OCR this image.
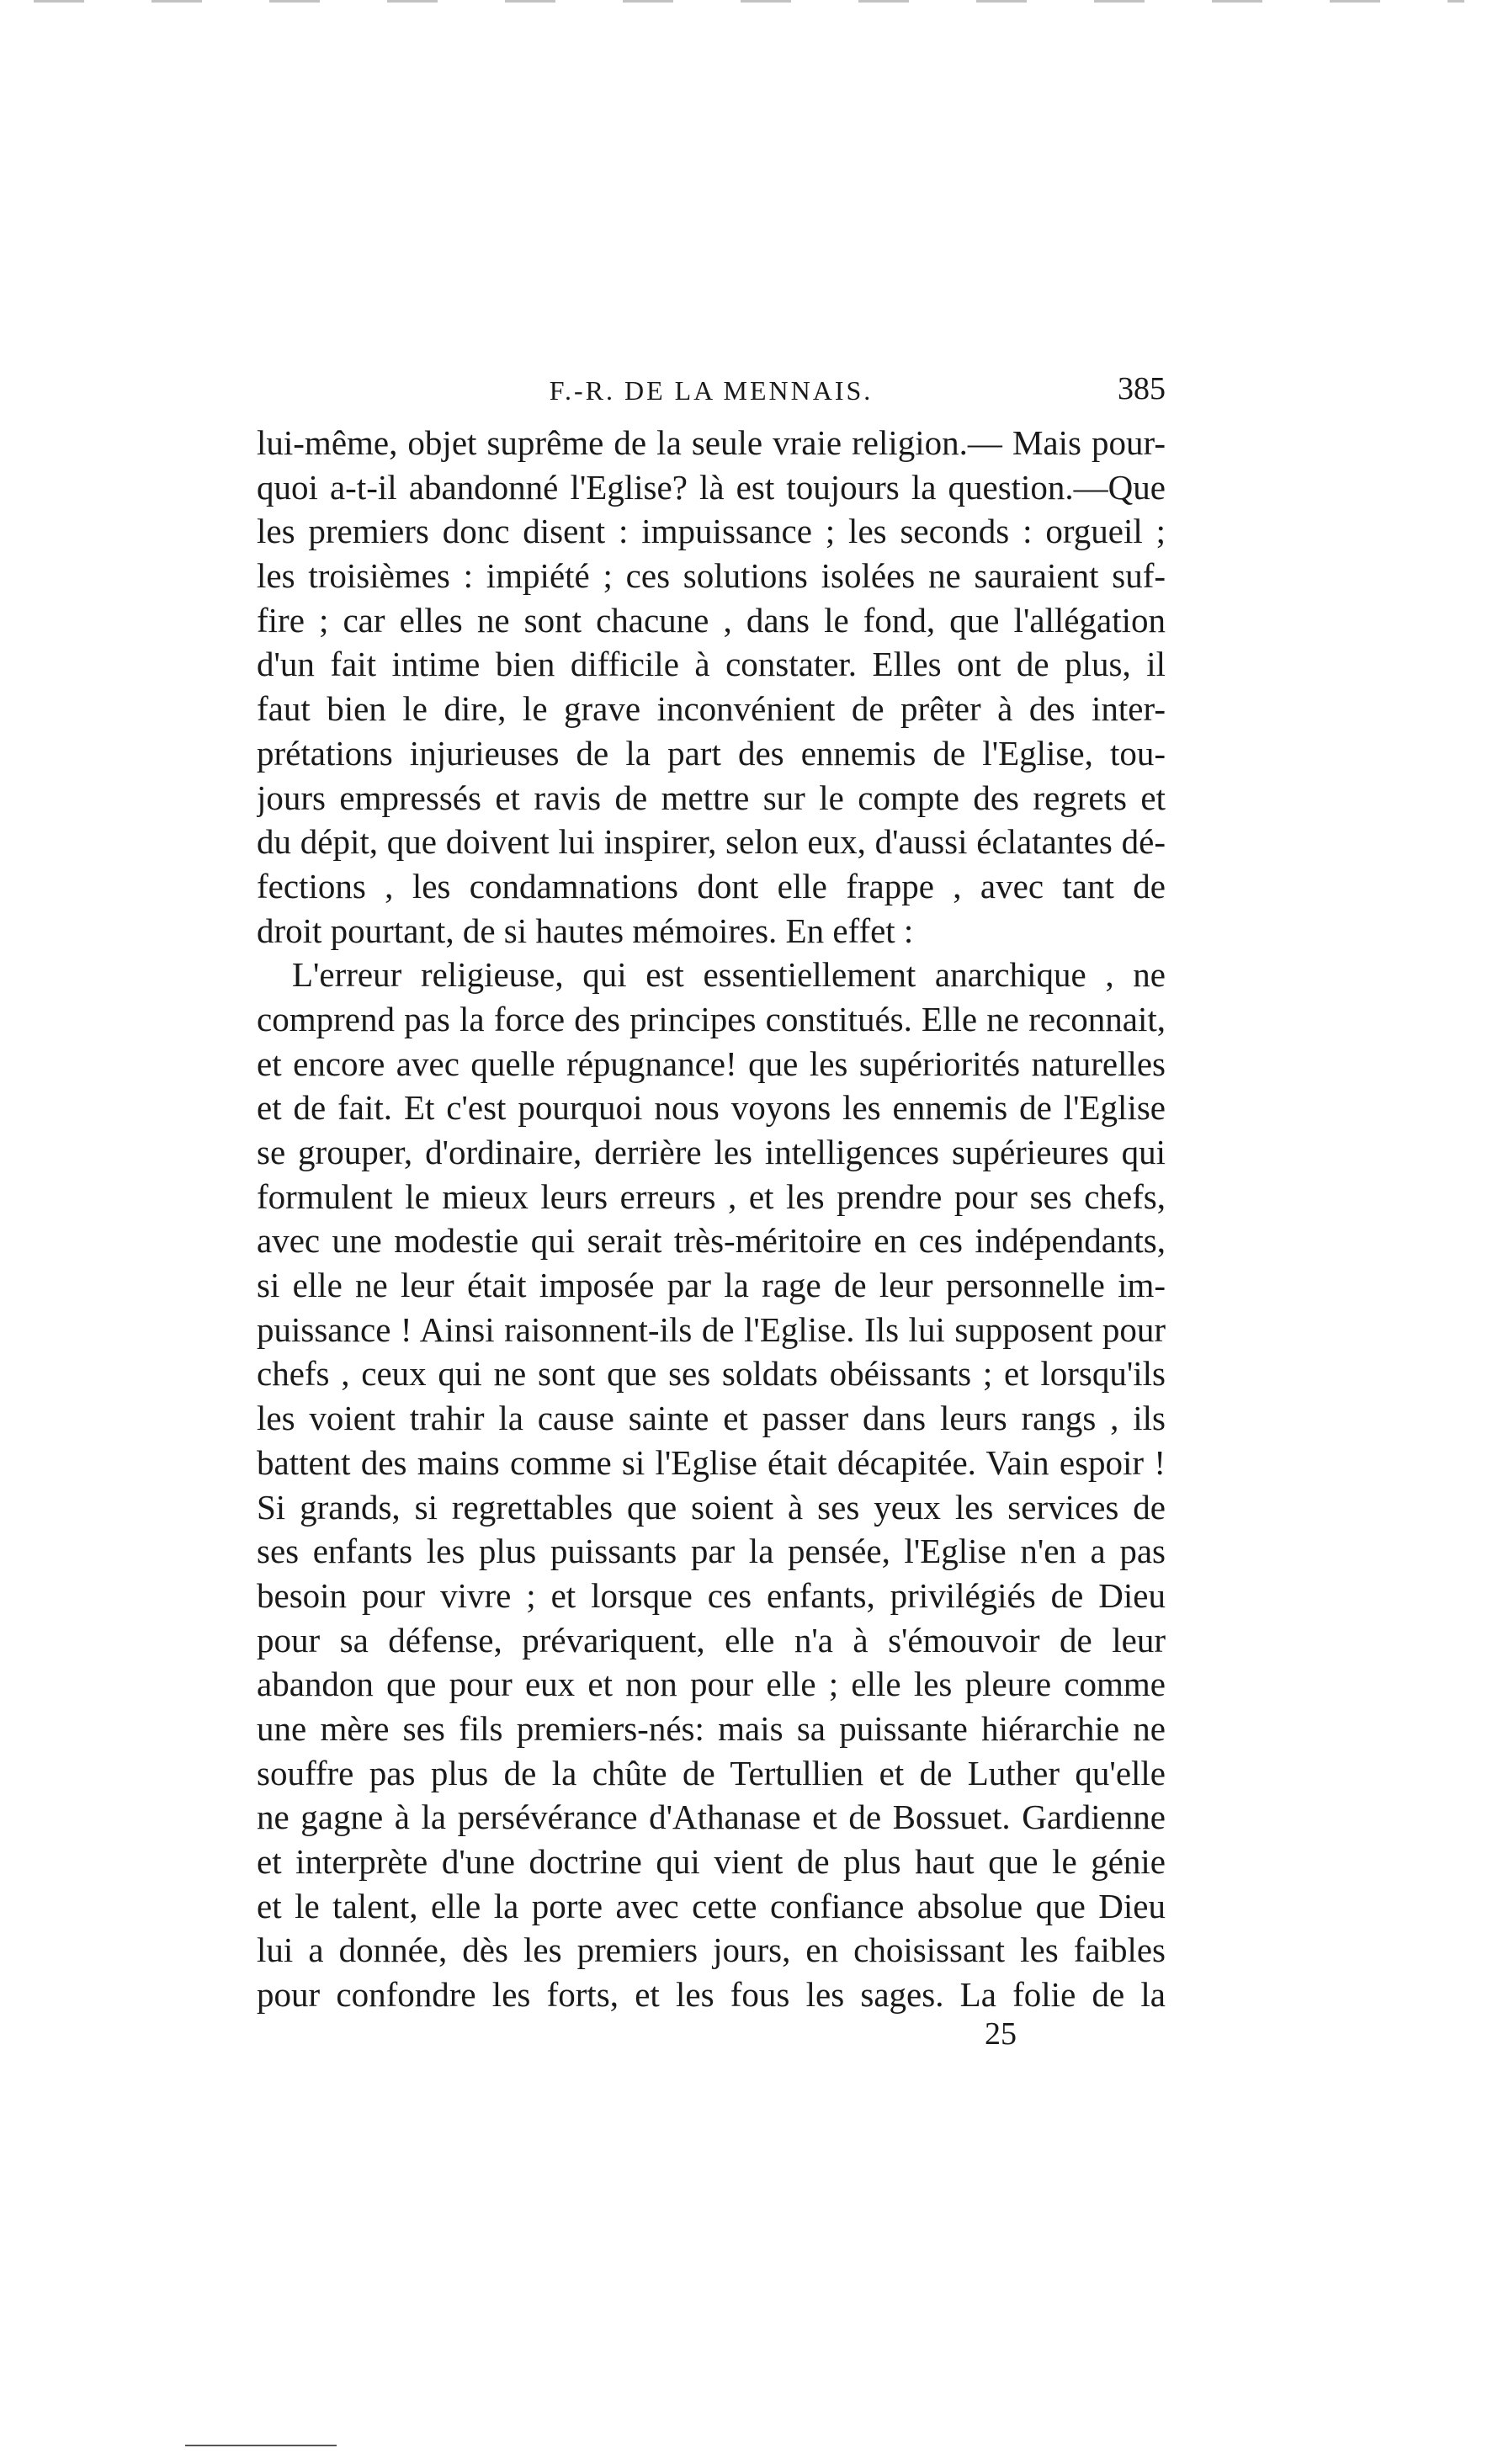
F.-R. DE LA MENNAIS.	385
lui-même, objet suprême de la seule vraie religion.— Mais pour-
quoi a-t-il abandonné l'Eglise? là est toujours la question.—Que
les premiers donc disent : impuissance ; les seconds : orgueil ;
les troisièmes : impiété ; ces solutions isolées ne sauraient suf-
fire ; car elles ne sont chacune , dans le fond, que l'allégation
d'un fait intime bien difficile à constater. Elles ont de plus, il
faut bien le dire, le grave inconvénient de prêter à des inter-
prétations injurieuses de la part des ennemis de l'Eglise, tou-
jours empressés et ravis de mettre sur le compte des regrets et
du dépit, que doivent lui inspirer, selon eux, d'aussi éclatantes dé-
fections , les condamnations dont elle frappe , avec tant de
droit pourtant, de si hautes mémoires. En effet :
L'erreur religieuse, qui est essentiellement anarchique , ne
comprend pas la force des principes constitués. Elle ne reconnait,
et encore avec quelle répugnance! que les supériorités naturelles
et de fait. Et c'est pourquoi nous voyons les ennemis de l'Eglise
se grouper, d'ordinaire, derrière les intelligences supérieures qui
formulent le mieux leurs erreurs , et les prendre pour ses chefs,
avec une modestie qui serait très-méritoire en ces indépendants,
si elle ne leur était imposée par la rage de leur personnelle im-
puissance ! Ainsi raisonnent-ils de l'Eglise. Ils lui supposent pour
chefs , ceux qui ne sont que ses soldats obéissants ; et lorsqu'ils
les voient trahir la cause sainte et passer dans leurs rangs , ils
battent des mains comme si l'Eglise était décapitée. Vain espoir !
Si grands, si regrettables que soient à ses yeux les services de
ses enfants les plus puissants par la pensée, l'Eglise n'en a pas
besoin pour vivre ; et lorsque ces enfants, privilégiés de Dieu
pour sa défense, prévariquent, elle n'a à s'émouvoir de leur
abandon que pour eux et non pour elle ; elle les pleure comme
une mère ses fils premiers-nés: mais sa puissante hiérarchie ne
souffre pas plus de la chûte de Tertullien et de Luther qu'elle
ne gagne à la persévérance d'Athanase et de Bossuet. Gardienne
et interprète d'une doctrine qui vient de plus haut que le génie
et le talent, elle la porte avec cette confiance absolue que Dieu
lui a donnée, dès les premiers jours, en choisissant les faibles
pour confondre les forts, et les fous les sages. La folie de la
25
